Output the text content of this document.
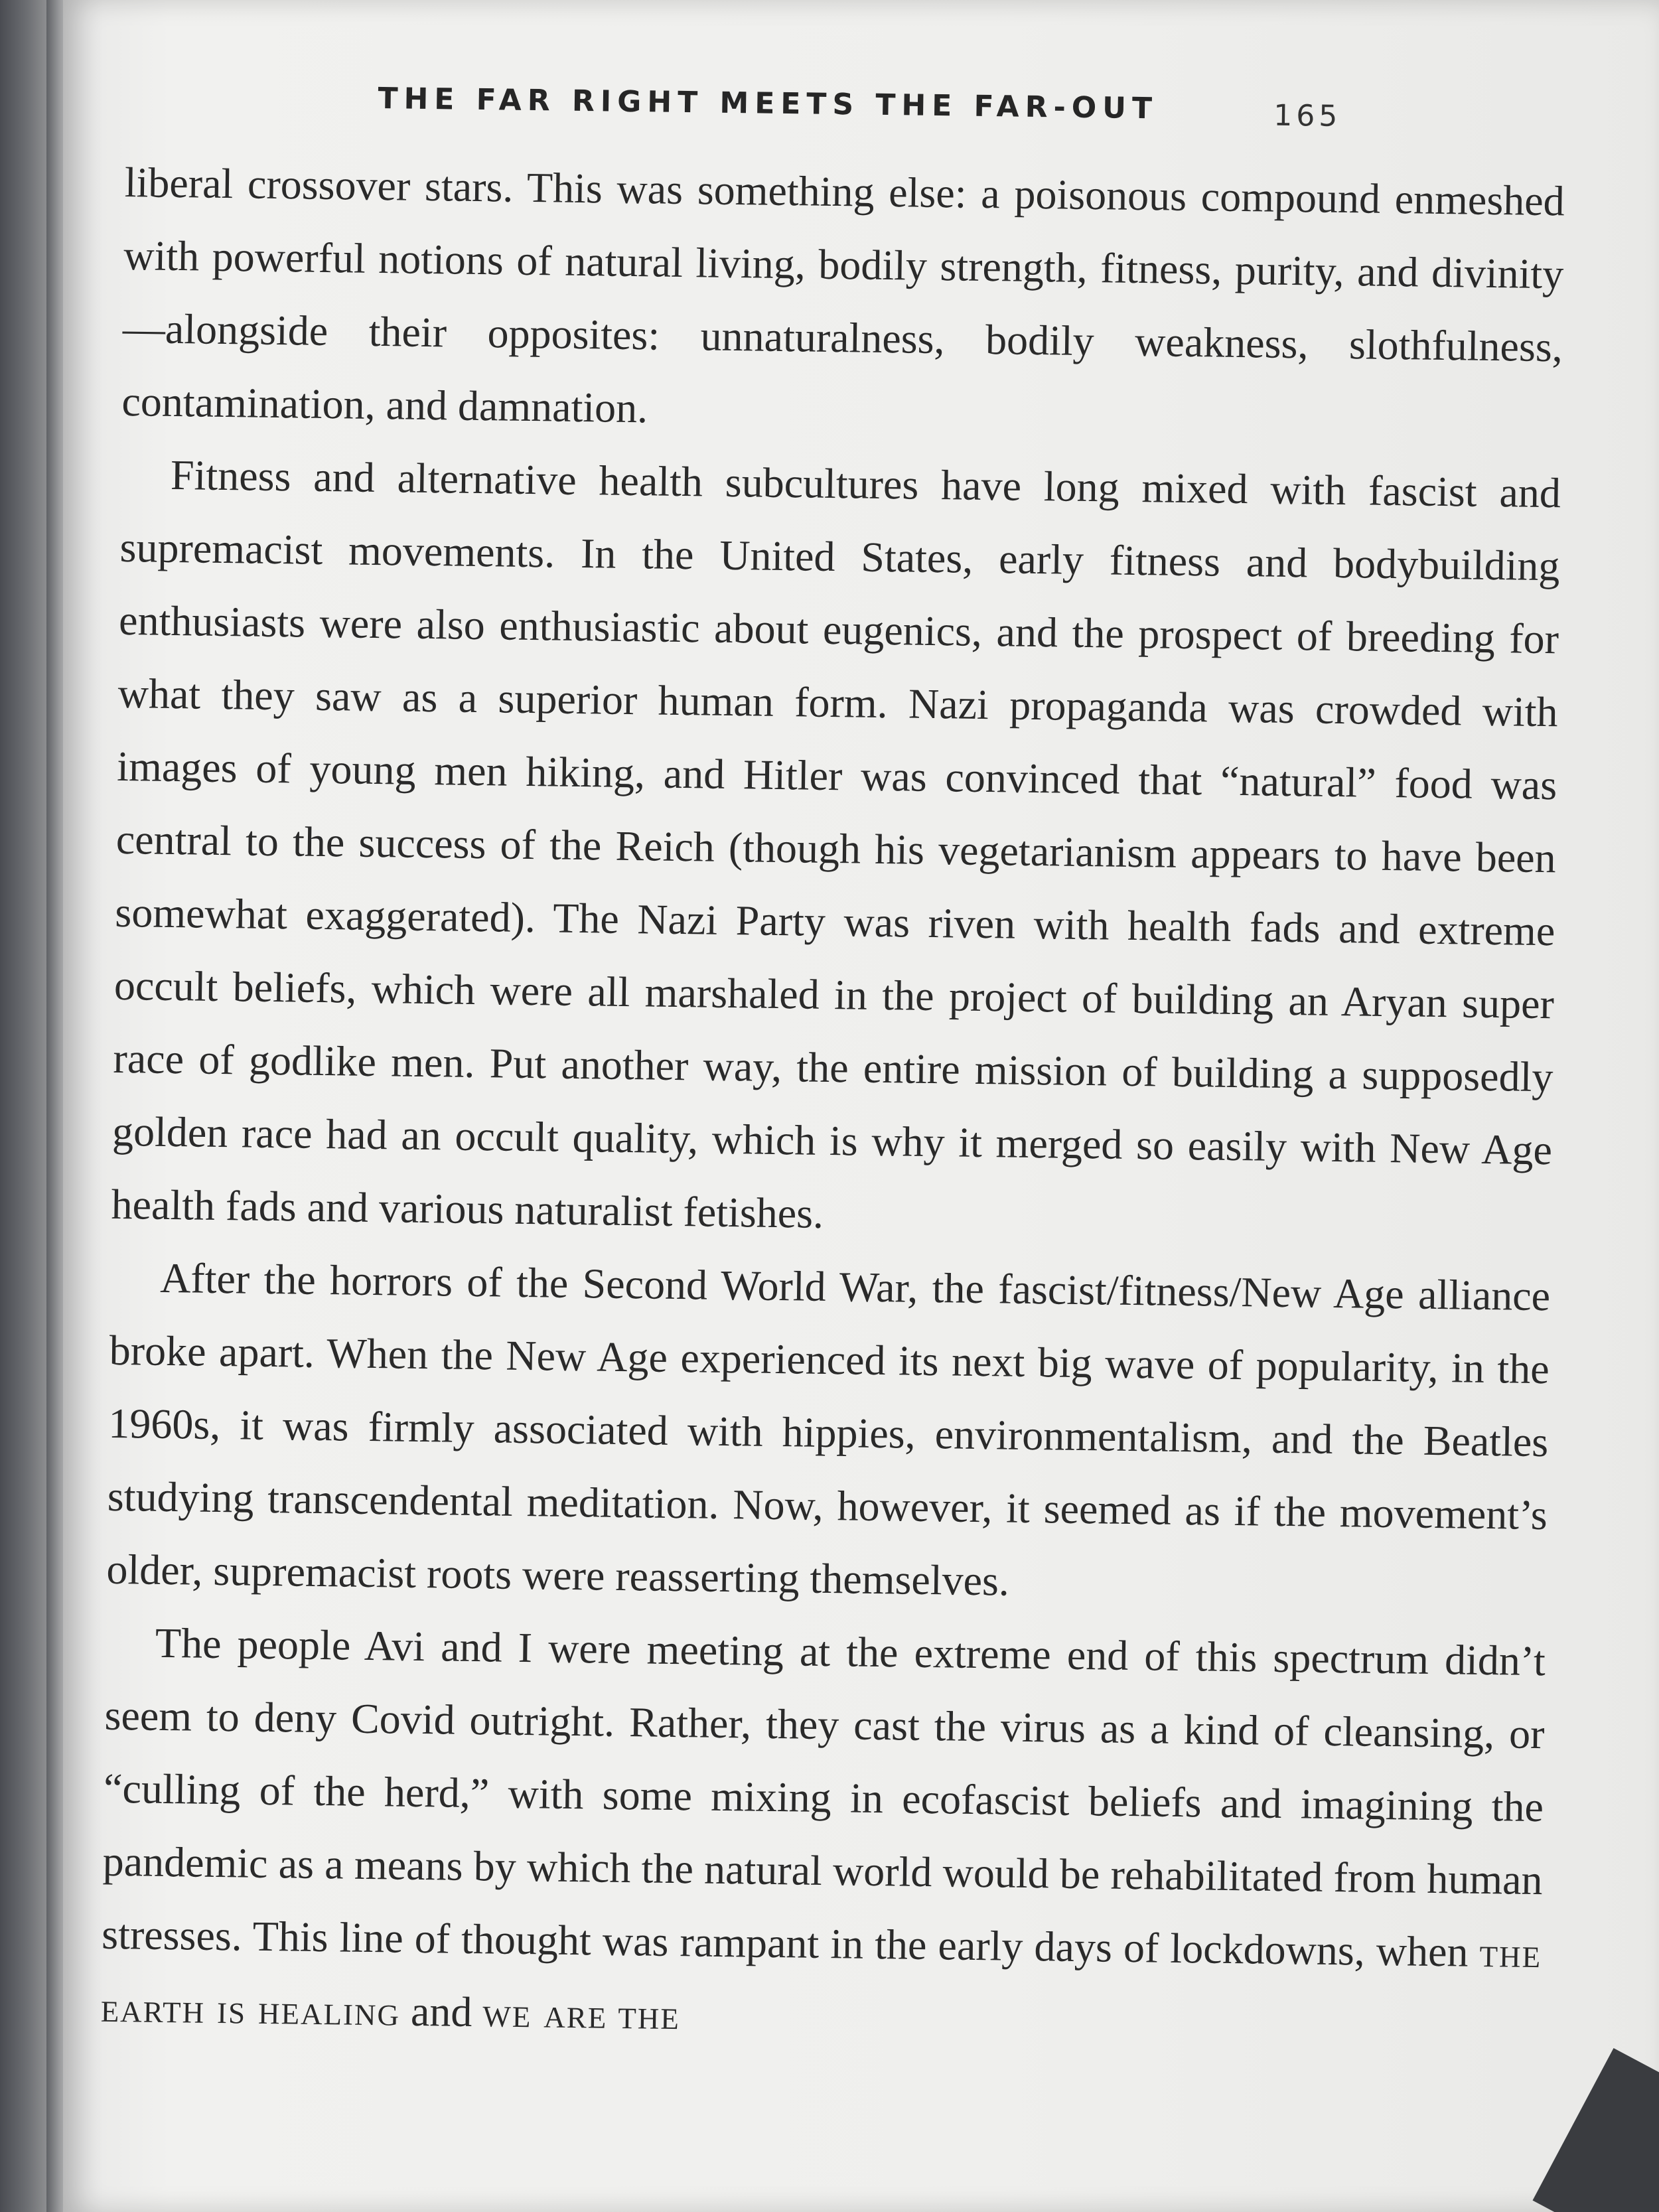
THE FAR RIGHT MEETS THE FAR-OUT	165

liberal crossover stars. This was something else: a poisonous compound enmeshed with powerful notions of natural living, bodily strength, fitness, purity, and divinity—alongside their opposites: unnaturalness, bodily weakness, slothfulness, contamination, and damnation.

Fitness and alternative health subcultures have long mixed with fascist and supremacist movements. In the United States, early fitness and bodybuilding enthusiasts were also enthusiastic about eugenics, and the prospect of breeding for what they saw as a superior human form. Nazi propaganda was crowded with images of young men hiking, and Hitler was convinced that “natural” food was central to the success of the Reich (though his vegetarianism appears to have been somewhat exaggerated). The Nazi Party was riven with health fads and extreme occult beliefs, which were all marshaled in the project of building an Aryan super race of godlike men. Put another way, the entire mission of building a supposedly golden race had an occult quality, which is why it merged so easily with New Age health fads and various naturalist fetishes.

After the horrors of the Second World War, the fascist/fitness/New Age alliance broke apart. When the New Age experienced its next big wave of popularity, in the 1960s, it was firmly associated with hippies, environmentalism, and the Beatles studying transcendental meditation. Now, however, it seemed as if the movement’s older, supremacist roots were reasserting themselves.

The people Avi and I were meeting at the extreme end of this spectrum didn’t seem to deny Covid outright. Rather, they cast the virus as a kind of cleansing, or “culling of the herd,” with some mixing in ecofascist beliefs and imagining the pandemic as a means by which the natural world would be rehabilitated from human stresses. This line of thought was rampant in the early days of lockdowns, when the earth is healing and we are the
